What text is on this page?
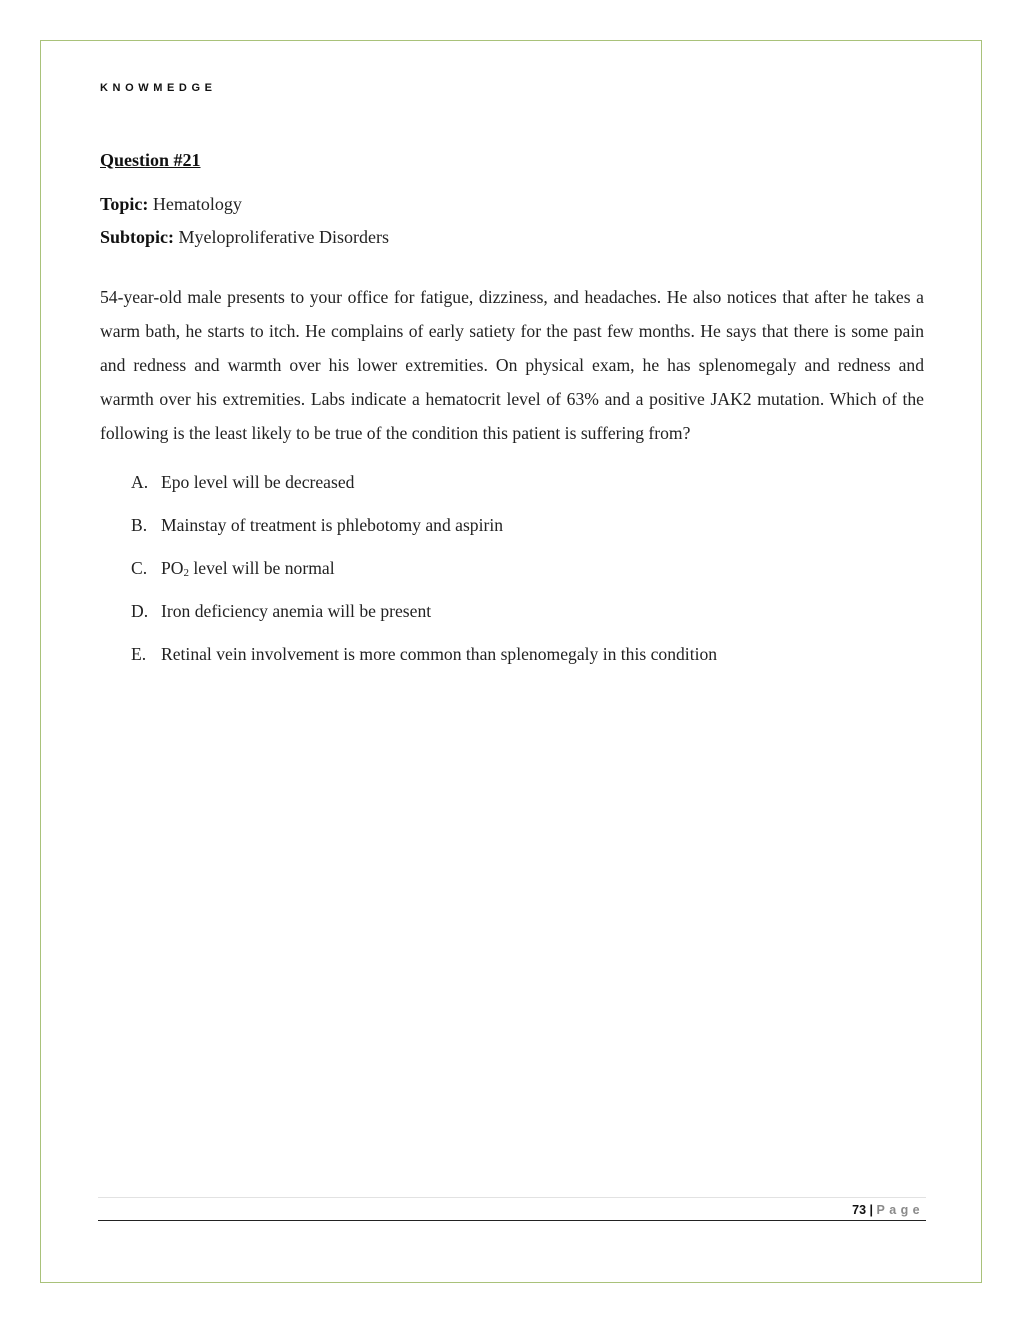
KNOWMEDGE
Question #21
Topic: Hematology
Subtopic: Myeloproliferative Disorders

54-year-old male presents to your office for fatigue, dizziness, and headaches. He also notices that after he takes a warm bath, he starts to itch. He complains of early satiety for the past few months. He says that there is some pain and redness and warmth over his lower extremities. On physical exam, he has splenomegaly and redness and warmth over his extremities. Labs indicate a hematocrit level of 63% and a positive JAK2 mutation. Which of the following is the least likely to be true of the condition this patient is suffering from?

A. Epo level will be decreased
B. Mainstay of treatment is phlebotomy and aspirin
C. $PO_2$ level will be normal
D. Iron deficiency anemia will be present
E. Retinal vein involvement is more common than splenomegaly in this condition
73 | Page
